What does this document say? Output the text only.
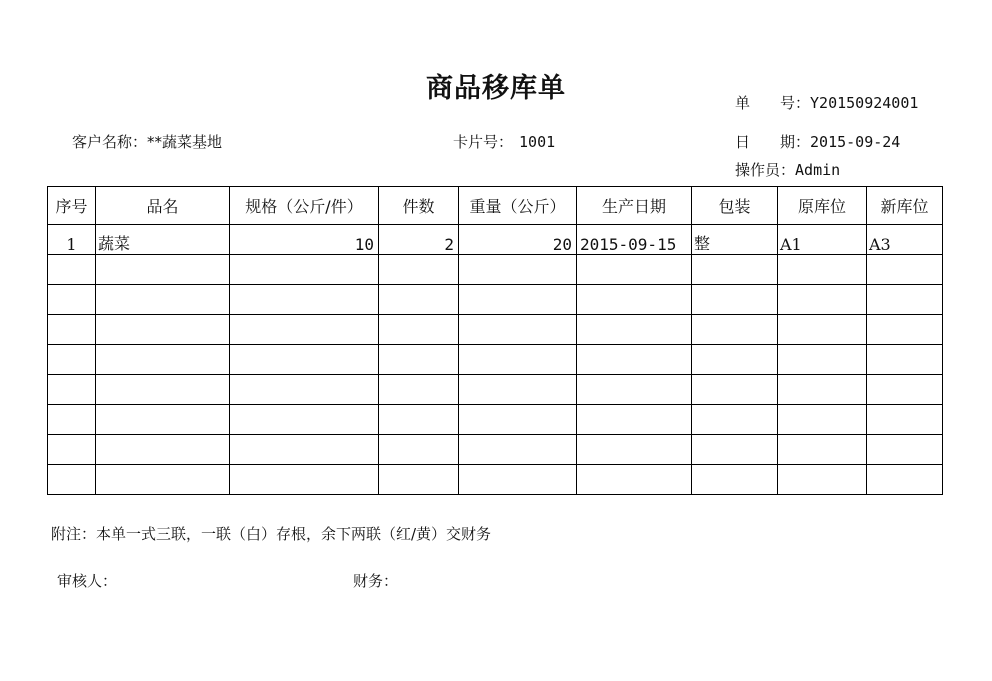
商品移库单	单　　号：Y20150924001
客户名称：**蔬菜基地	卡片号： 1001	日　　期：2015-09-24
操作员：Admin
序号	品名	规格（公斤/件）	件数	重量（公斤）	生产日期	包装	原库位	新库位
1	蔬菜	10	2	20	2015-09-15	整	A1	A3

附注：本单一式三联，一联（白）存根，余下两联（红/黄）交财务
审核人：	财务：
